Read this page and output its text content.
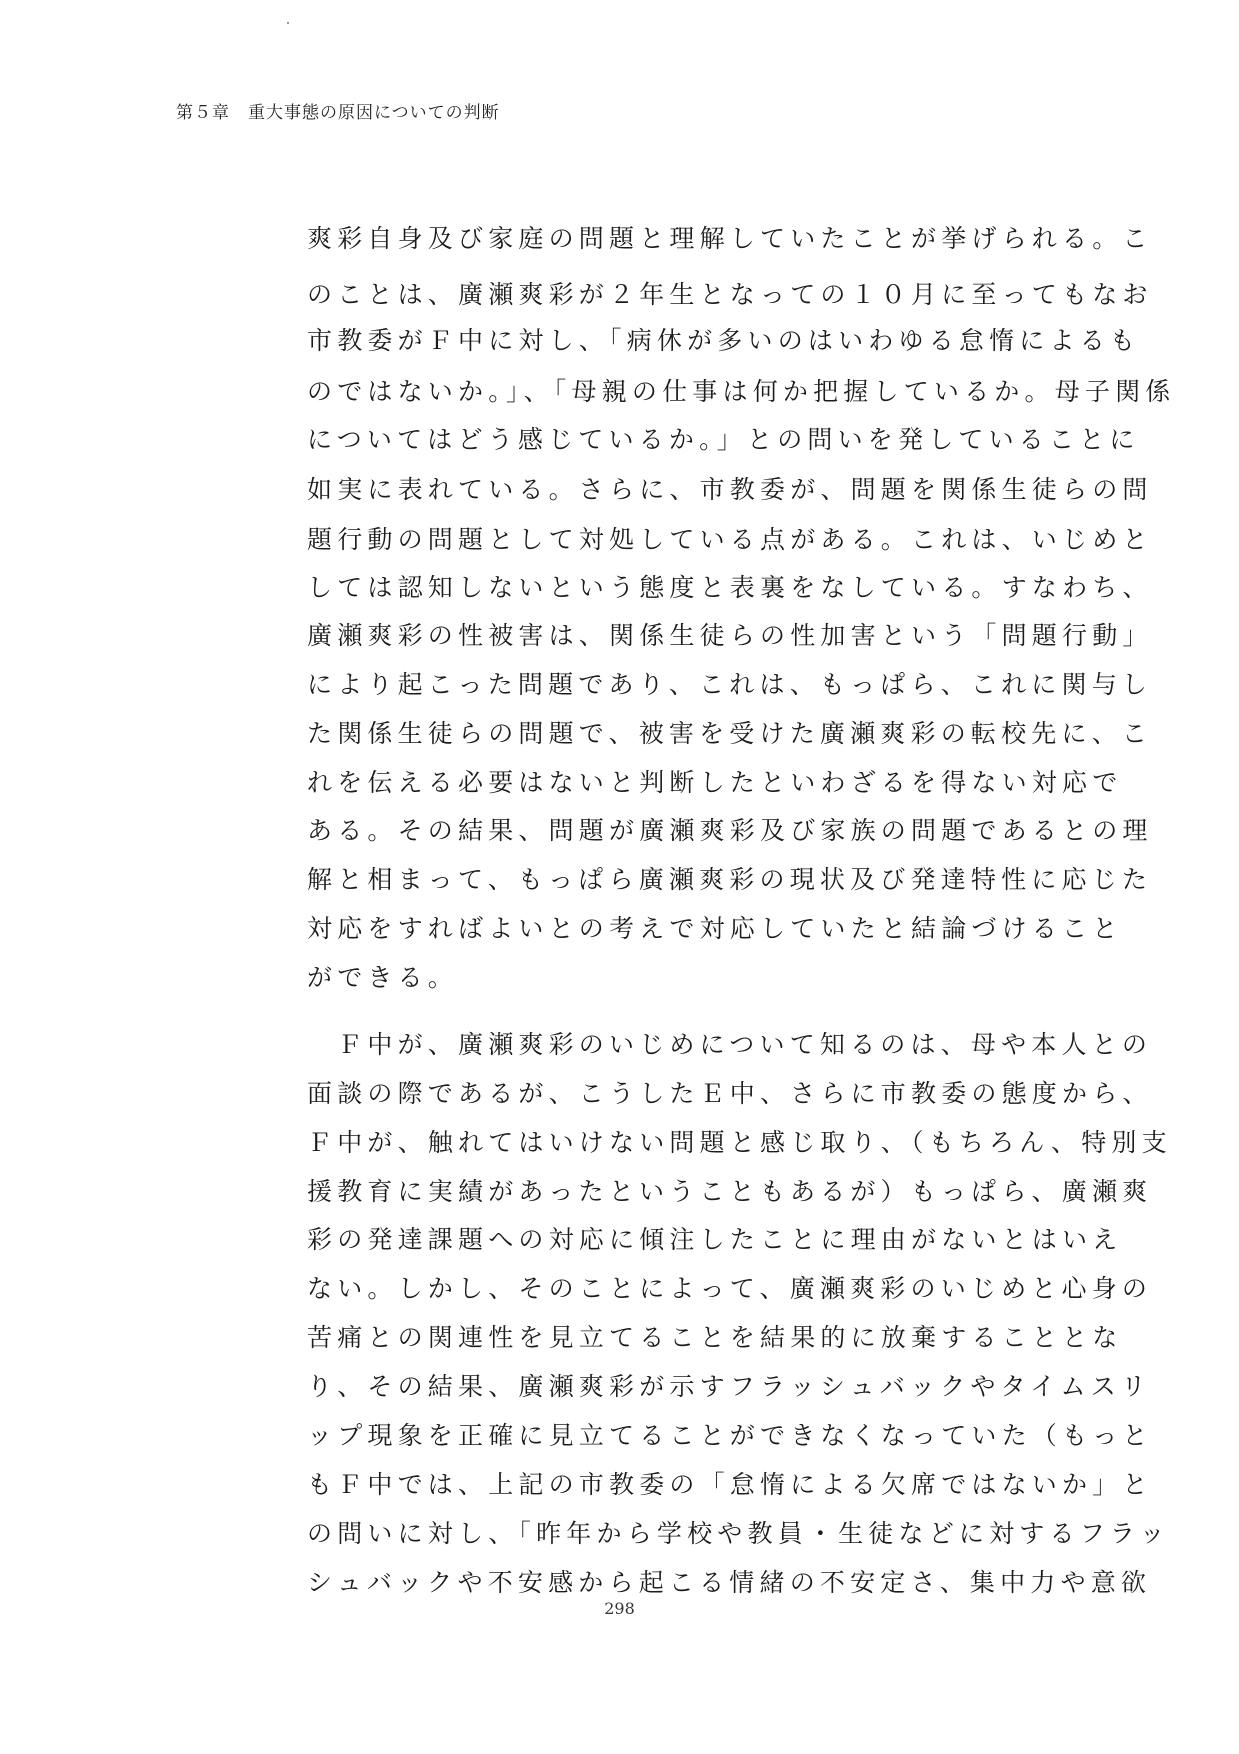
第５章　重大事態の原因についての判断
爽彩自身及び家庭の問題と理解していたことが挙げられる。こ
のことは、廣瀬爽彩が２年生となっての１０月に至ってもなお
市教委がＦ中に対し、「病休が多いのはいわゆる怠惰によるも
のではないか。」、「母親の仕事は何か把握しているか。母子関係
についてはどう感じているか。」との問いを発していることに
如実に表れている。さらに、市教委が、問題を関係生徒らの問
題行動の問題として対処している点がある。これは、いじめと
しては認知しないという態度と表裏をなしている。すなわち、
廣瀬爽彩の性被害は、関係生徒らの性加害という「問題行動」
により起こった問題であり、これは、もっぱら、これに関与し
た関係生徒らの問題で、被害を受けた廣瀬爽彩の転校先に、こ
れを伝える必要はないと判断したといわざるを得ない対応で
ある。その結果、問題が廣瀬爽彩及び家族の問題であるとの理
解と相まって、もっぱら廣瀬爽彩の現状及び発達特性に応じた
対応をすればよいとの考えで対応していたと結論づけること
ができる。
　Ｆ中が、廣瀬爽彩のいじめについて知るのは、母や本人との
面談の際であるが、こうしたＥ中、さらに市教委の態度から、
Ｆ中が、触れてはいけない問題と感じ取り、（もちろん、特別支
援教育に実績があったということもあるが）もっぱら、廣瀬爽
彩の発達課題への対応に傾注したことに理由がないとはいえ
ない。しかし、そのことによって、廣瀬爽彩のいじめと心身の
苦痛との関連性を見立てることを結果的に放棄することとな
り、その結果、廣瀬爽彩が示すフラッシュバックやタイムスリ
ップ現象を正確に見立てることができなくなっていた（もっと
もＦ中では、上記の市教委の「怠惰による欠席ではないか」と
の問いに対し、「昨年から学校や教員・生徒などに対するフラッ
シュバックや不安感から起こる情緒の不安定さ、集中力や意欲
298
